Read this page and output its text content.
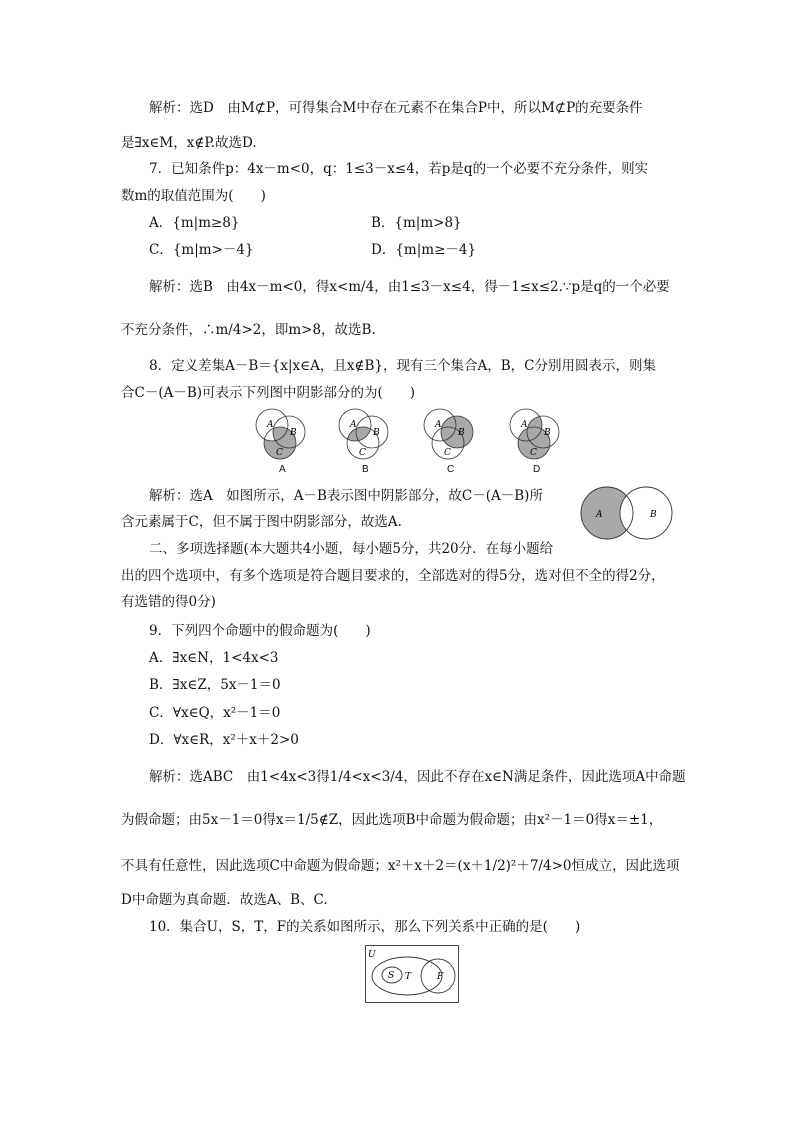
解析：选D　由M⊄P，可得集合M中存在元素不在集合P中，所以M⊄P的充要条件
是∃x∈M，x∉P.故选D.
7．已知条件p：4x－m<0，q：1≤3－x≤4，若p是q的一个必要不充分条件，则实
数m的取值范围为(　　)
A．{m|m≥8}	B．{m|m>8}
C．{m|m>－4}	D．{m|m≥－4}
解析：选B　由4x－m<0，得x<m/4，由1≤3－x≤4，得－1≤x≤2.∵p是q的一个必要
不充分条件，∴m/4>2，即m>8，故选B.
8．定义差集A－B＝{x|x∈A，且x∉B}，现有三个集合A，B，C分别用圆表示，则集
合C－(A－B)可表示下列图中阴影部分的为(　　)
A
B
C
A
B
C
A
B
C
A
B
C
A	B	C	D
解析：选A　如图所示，A－B表示图中阴影部分，故C－(A－B)所
含元素属于C，但不属于图中阴影部分，故选A.	A	B
二、多项选择题(本大题共4小题，每小题5分，共20分．在每小题给
出的四个选项中，有多个选项是符合题目要求的，全部选对的得5分，选对但不全的得2分，
有选错的得0分)
9．下列四个命题中的假命题为(　　)
A．∃x∈N，1<4x<3
B．∃x∈Z，5x－1＝0
C．∀x∈Q，x²－1＝0
D．∀x∈R，x²＋x＋2>0
解析：选ABC　由1<4x<3得1/4<x<3/4，因此不存在x∈N满足条件，因此选项A中命题
为假命题；由5x－1＝0得x＝1/5∉Z，因此选项B中命题为假命题；由x²－1＝0得x＝±1，
不具有任意性，因此选项C中命题为假命题；x²＋x＋2＝(x＋1/2)²＋7/4>0恒成立，因此选项
D中命题为真命题．故选A、B、C.
10．集合U，S，T，F的关系如图所示，那么下列关系中正确的是(　　)
U
S T	F
